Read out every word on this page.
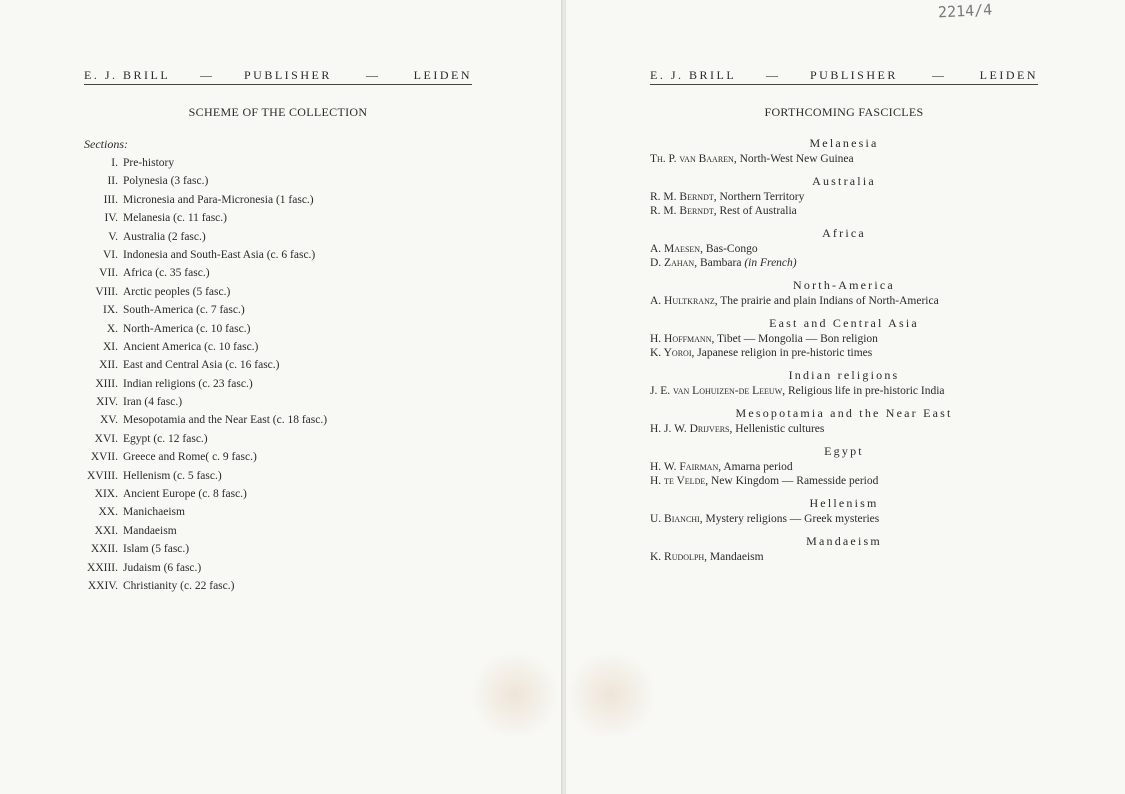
E. J. BRILL — PUBLISHER	—	LEIDEN
SCHEME OF THE COLLECTION
Sections:
I. Pre-history
II. Polynesia (3 fasc.)
III. Micronesia and Para-Micronesia (1 fasc.)
IV. Melanesia (c. 11 fasc.)
V. Australia (2 fasc.)
VI. Indonesia and South-East Asia (c. 6 fasc.)
VII. Africa (c. 35 fasc.)
VIII. Arctic peoples (5 fasc.)
IX. South-America (c. 7 fasc.)
X. North-America (c. 10 fasc.)
XI. Ancient America (c. 10 fasc.)
XII. East and Central Asia (c. 16 fasc.)
XIII. Indian religions (c. 23 fasc.)
XIV. Iran (4 fasc.)
XV. Mesopotamia and the Near East (c. 18 fasc.)
XVI. Egypt (c. 12 fasc.)
XVII. Greece and Rome( c. 9 fasc.)
XVIII. Hellenism (c. 5 fasc.)
XIX. Ancient Europe (c. 8 fasc.)
XX. Manichaeism
XXI. Mandaeism
XXII. Islam (5 fasc.)
XXIII. Judaism (6 fasc.)
XXIV. Christianity (c. 22 fasc.)
2214/4
E. J. BRILL — PUBLISHER	—	LEIDEN
FORTHCOMING FASCICLES
Melanesia
Th. P. van Baaren, North-West New Guinea
Australia
R. M. Berndt, Northern Territory
R. M. Berndt, Rest of Australia
Africa
A. Maesen, Bas-Congo
D. Zahan, Bambara (in French)
North-America
A. Hultkranz, The prairie and plain Indians of North-America
East and Central Asia
H. Hoffmann, Tibet — Mongolia — Bon religion
K. Yoroi, Japanese religion in pre-historic times
Indian religions
J. E. van Lohuizen-de Leeuw, Religious life in pre-historic India
Mesopotamia and the Near East
H. J. W. Drijvers, Hellenistic cultures
Egypt
H. W. Fairman, Amarna period
H. te Velde, New Kingdom — Ramesside period
Hellenism
U. Bianchi, Mystery religions — Greek mysteries
Mandaeism
K. Rudolph, Mandaeism
